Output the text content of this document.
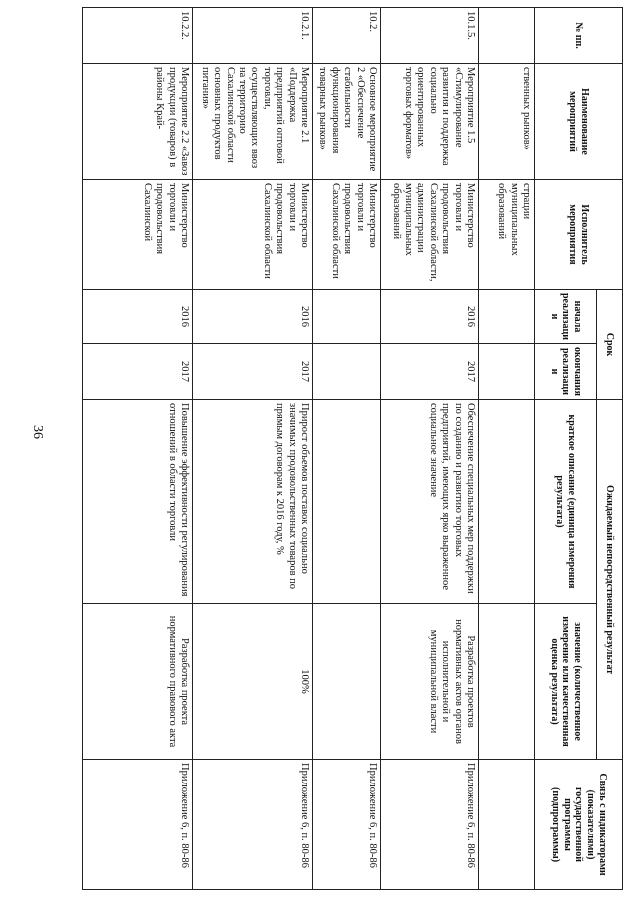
36
№ пп.	Наименование мероприятий	Исполнитель мероприятия	Срок		Ожидаемый непосредственный результат		Связь с индикаторами (показателями) государственной программы (подпрограммы)
			начала реализации	окончания реализации	краткое описание (единица измерения результата)	значение (количественное измерение или качественная оценка результата)	
	ственных рынков»	страции муниципальных образований					
10.1.5.	Мероприятие 1.5 «Стимулирование развития и поддержка социально ориентированных торговых форматов»	Министерство торговли и продовольствия Сахалинской области, администрации муниципальных образований	2016	2017	Обеспечение специальных мер поддержки по созданию и развитию торговых предприятий, имеющих ярко выраженное социальное значение	Разработка проектов нормативных актов органов исполнительной и муниципальной власти	Приложение 6, п. 80-86
10.2.	Основное мероприятие 2 «Обеспечение стабильности функционирования товарных рынков»	Министерство торговли и продовольствия Сахалинской области					Приложение 6, п. 80-86
10.2.1.	Мероприятие 2.1 «Поддержка предприятий оптовой торговли, осуществляющих ввоз на территорию Сахалинской области основных продуктов питания»	Министерство торговли и продовольствия Сахалинской области	2016	2017	Прирост объемов поставок социально значимых продовольственных товаров по прямым договорам к 2016 году, %	100%	Приложение 6, п. 80-86
10.2.2.	Мероприятие 2.2 «Завоз продукции (товаров) в районы Край-	Министерство торговли и продовольствия Сахалинской	2016	2017	Повышение эффективности регулирования отношений в области торговли	Разработка проекта нормативного правового акта	Приложение 6, п. 80-86
